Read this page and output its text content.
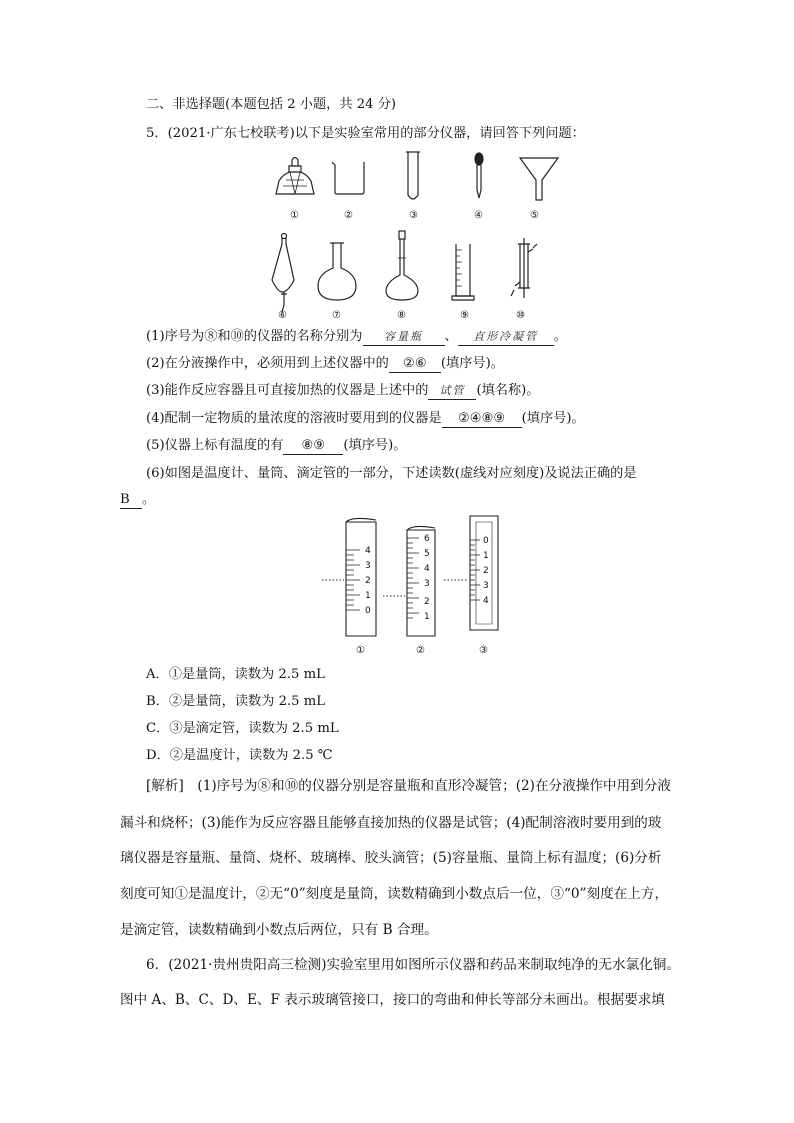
二、非选择题(本题包括 2 小题，共 24 分)
5．(2021·广东七校联考)以下是实验室常用的部分仪器，请回答下列问题：
①	②	③	④	⑤
⑥	⑦	⑧	⑨	⑩
(1)序号为⑧和⑩的仪器的名称分别为 容量瓶 、 直形冷凝管 。
(2)在分液操作中，必须用到上述仪器中的 ②⑥ (填序号)。
(3)能作反应容器且可直接加热的仪器是上述中的 试管 (填名称)。
(4)配制一定物质的量浓度的溶液时要用到的仪器是 ②④⑧⑨ (填序号)。
(5)仪器上标有温度的有 ⑧⑨ (填序号)。
(6)如图是温度计、量筒、滴定管的一部分，下述读数(虚线对应刻度)及说法正确的是
B 。
4
3
2
1
0
6
5
4
3
2
1
0
1
2
3
4
①	②	③
A．①是量筒，读数为 2.5 mL
B．②是量筒，读数为 2.5 mL
C．③是滴定管，读数为 2.5 mL
D．②是温度计，读数为 2.5 ℃
[解析]　(1)序号为⑧和⑩的仪器分别是容量瓶和直形冷凝管；(2)在分液操作中用到分液
漏斗和烧杯；(3)能作为反应容器且能够直接加热的仪器是试管；(4)配制溶液时要用到的玻
璃仪器是容量瓶、量筒、烧杯、玻璃棒、胶头滴管；(5)容量瓶、量筒上标有温度；(6)分析
刻度可知①是温度计，②无“0”刻度是量筒，读数精确到小数点后一位，③“0”刻度在上方，
是滴定管，读数精确到小数点后两位，只有 B 合理。
6．(2021·贵州贵阳高三检测)实验室里用如图所示仪器和药品来制取纯净的无水氯化铜。
图中 A、B、C、D、E、F 表示玻璃管接口，接口的弯曲和伸长等部分未画出。根据要求填
